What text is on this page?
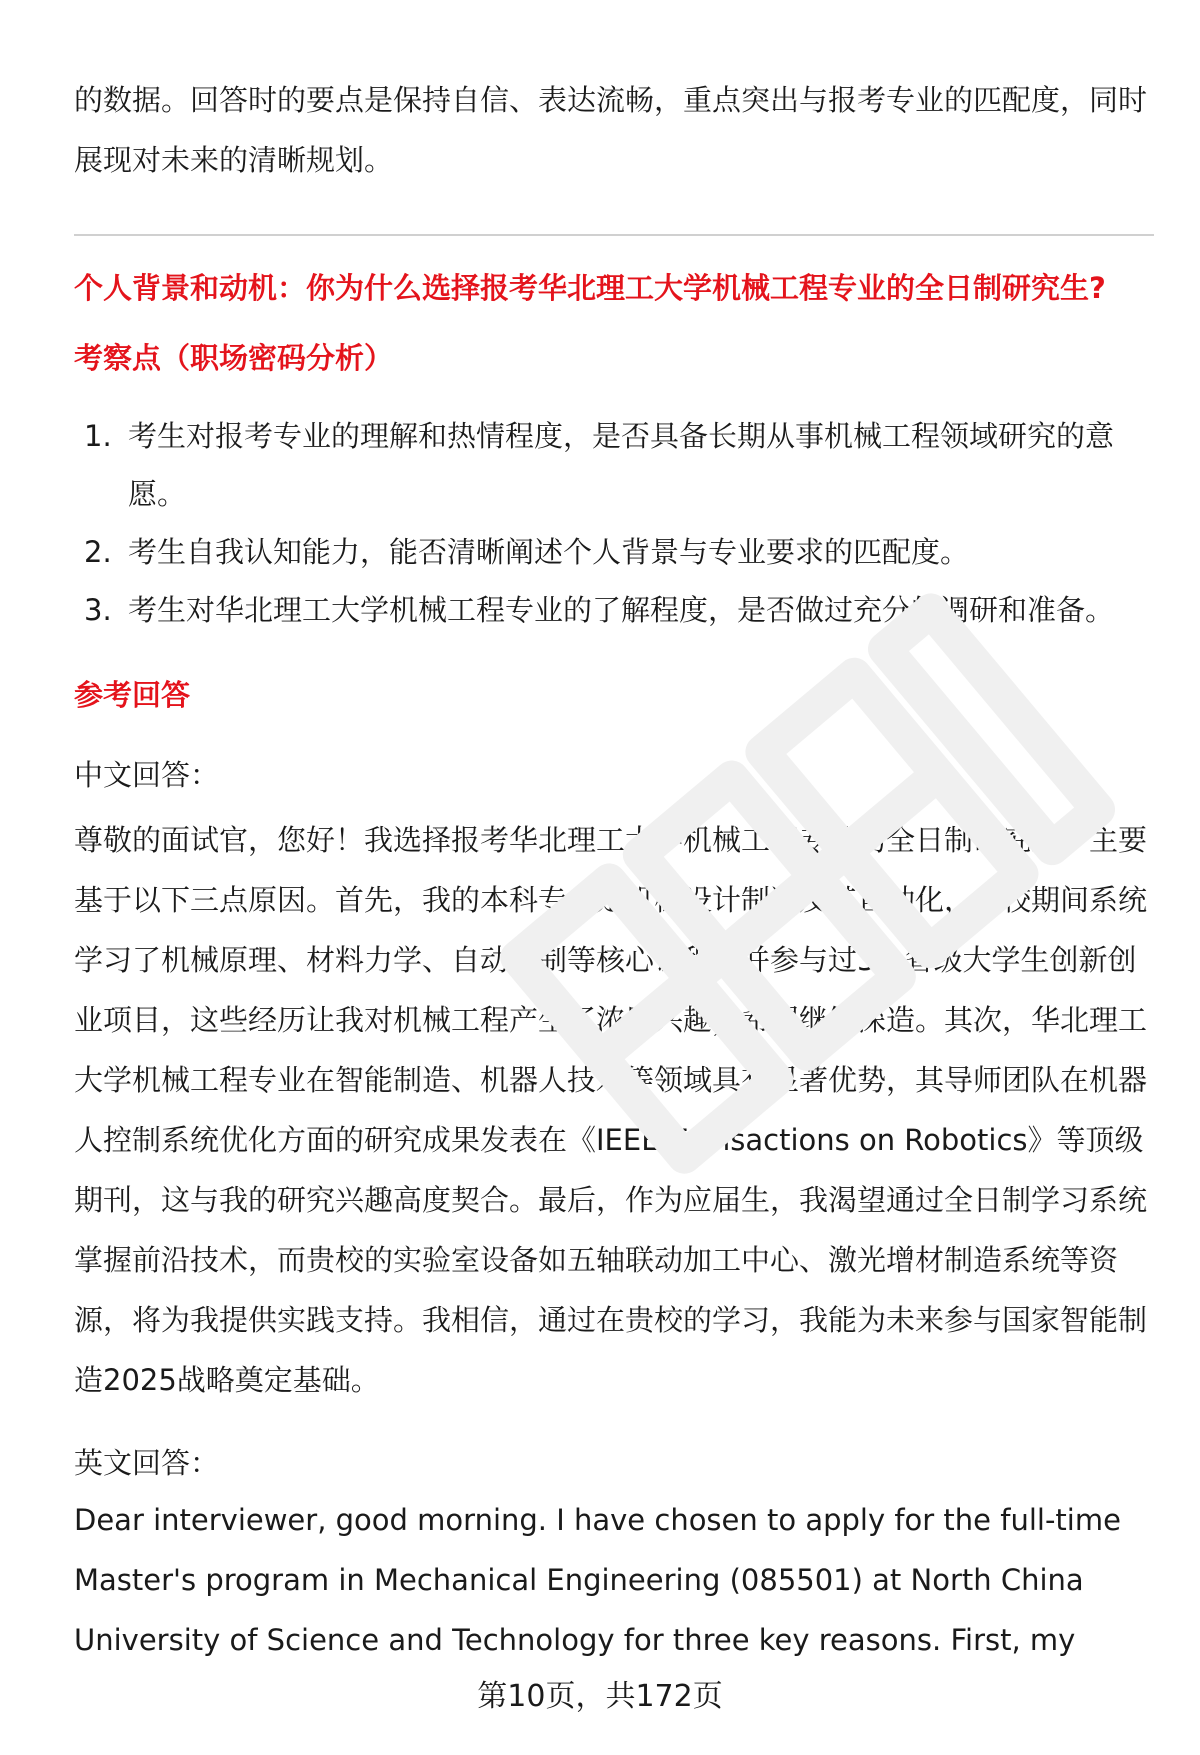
的数据。回答时的要点是保持自信、表达流畅，重点突出与报考专业的匹配度，同时展现对未来的清晰规划。

个人背景和动机：你为什么选择报考华北理工大学机械工程专业的全日制研究生?

考察点（职场密码分析）

1. 考生对报考专业的理解和热情程度，是否具备长期从事机械工程领域研究的意愿。
2. 考生自我认知能力，能否清晰阐述个人背景与专业要求的匹配度。
3. 考生对华北理工大学机械工程专业的了解程度，是否做过充分的调研和准备。

参考回答

中文回答：

尊敬的面试官，您好！我选择报考华北理工大学机械工程专业的全日制研究生，主要基于以下三点原因。首先，我的本科专业是机械设计制造及其自动化，在校期间系统学习了机械原理、材料力学、自动控制等核心课程，并参与过3个省级大学生创新创业项目，这些经历让我对机械工程产生了浓厚兴趣，希望继续深造。其次，华北理工大学机械工程专业在智能制造、机器人技术等领域具有显著优势，其导师团队在机器人控制系统优化方面的研究成果发表在《IEEE Transactions on Robotics》等顶级期刊，这与我的研究兴趣高度契合。最后，作为应届生，我渴望通过全日制学习系统掌握前沿技术，而贵校的实验室设备如五轴联动加工中心、激光增材制造系统等资源，将为我提供实践支持。我相信，通过在贵校的学习，我能为未来参与国家智能制造2025战略奠定基础。

英文回答：

Dear interviewer, good morning. I have chosen to apply for the full-time Master's program in Mechanical Engineering (085501) at North China University of Science and Technology for three key reasons. First, my

第10页，共172页
